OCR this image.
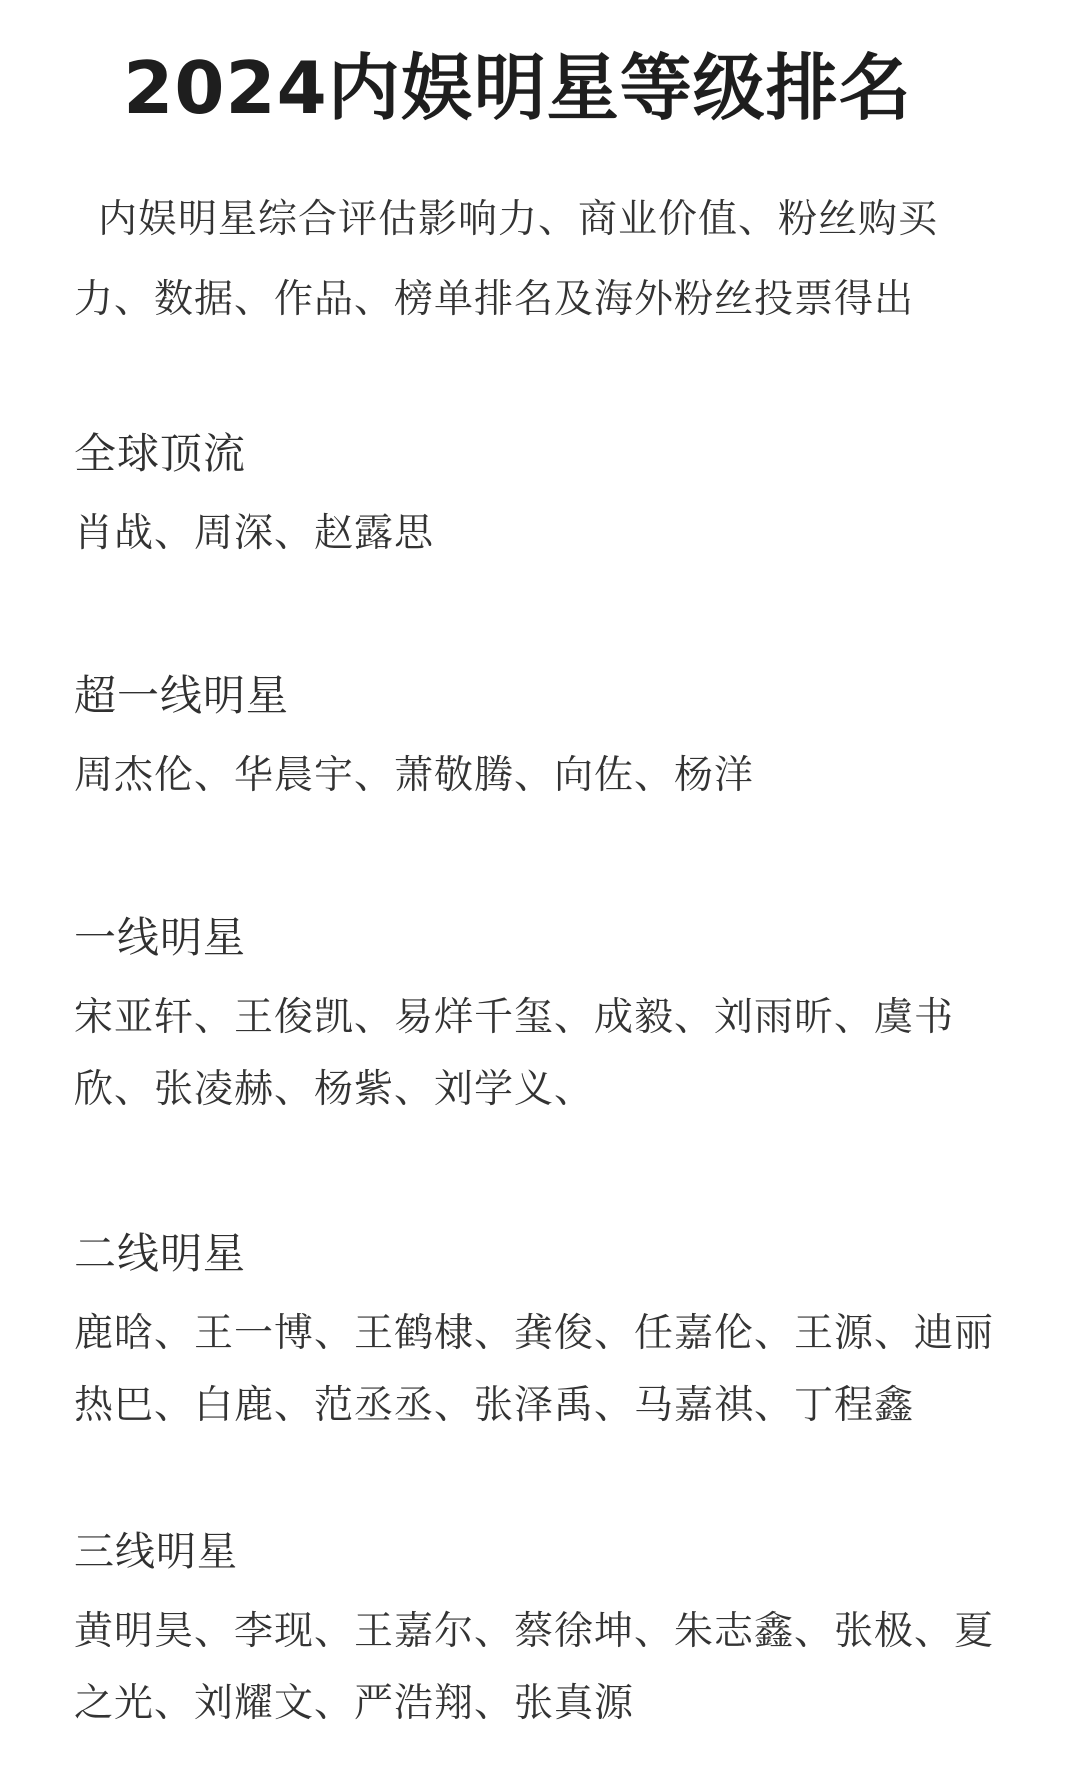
2024内娱明星等级排名
内娱明星综合评估影响力、商业价值、粉丝购买力、数据、作品、榜单排名及海外粉丝投票得出
全球顶流
肖战、周深、赵露思
超一线明星
周杰伦、华晨宇、萧敬腾、向佐、杨洋
一线明星
宋亚轩、王俊凯、易烊千玺、成毅、刘雨昕、虞书欣、张凌赫、杨紫、刘学义、
二线明星
鹿晗、王一博、王鹤棣、龚俊、任嘉伦、王源、迪丽热巴、白鹿、范丞丞、张泽禹、马嘉祺、丁程鑫
三线明星
黄明昊、李现、王嘉尔、蔡徐坤、朱志鑫、张极、夏之光、刘耀文、严浩翔、张真源
